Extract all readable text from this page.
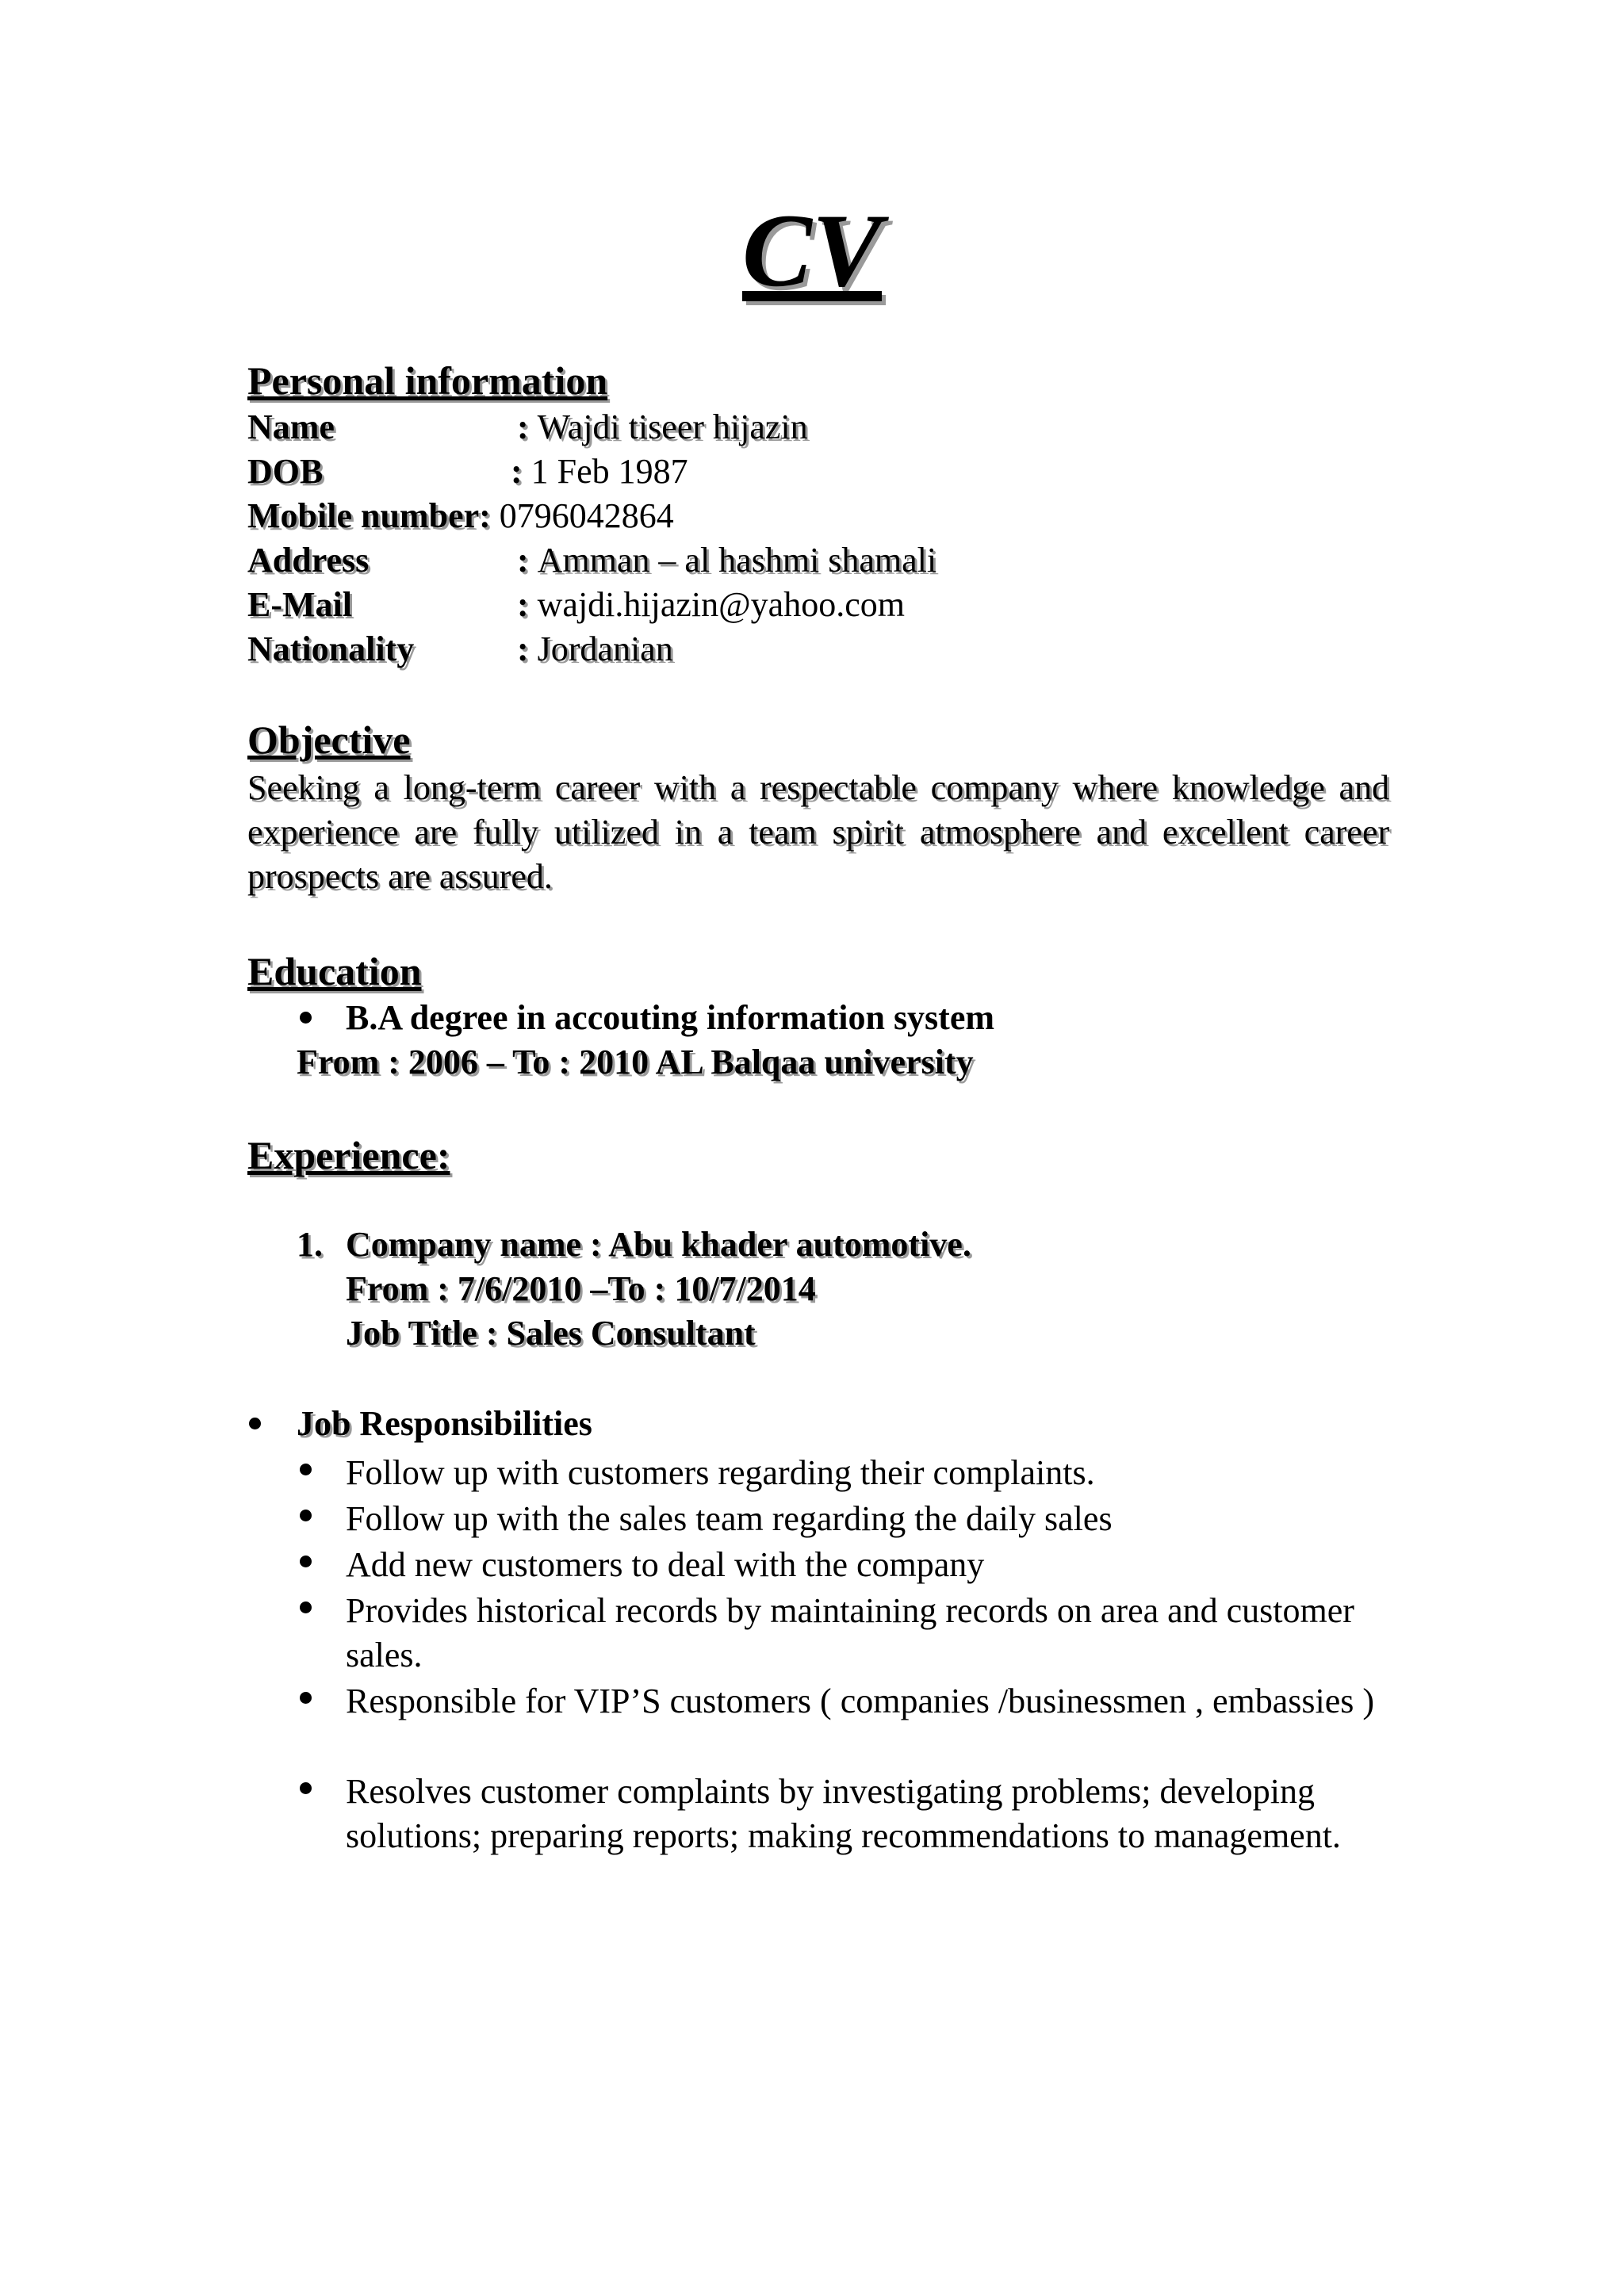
CV
Personal information
Name	: Wajdi tiseer hijazin
DOB	: 1 Feb 1987
Mobile number: 0796042864
Address	: Amman – al hashmi shamali
E-Mail	: wajdi.hijazin@yahoo.com
Nationality	: Jordanian
Objective

Seeking a long-term career with a respectable company where knowledge and experience are fully utilized in a team spirit atmosphere and excellent career prospects are assured.

Education
B.A degree in accouting information system
From : 2006 – To : 2010 AL Balqaa university
Experience:
1. Company name : Abu khader automotive.
From : 7/6/2010 –To : 10/7/2014
Job Title : Sales Consultant
Job Responsibilities

Follow up with customers regarding their complaints.

Follow up with the sales team regarding the daily sales

Add new customers to deal with the company

Provides historical records by maintaining records on area and customer sales.

Responsible for VIP’S customers ( companies /businessmen , embassies )

Resolves customer complaints by investigating problems; developing solutions; preparing reports; making recommendations to management.
